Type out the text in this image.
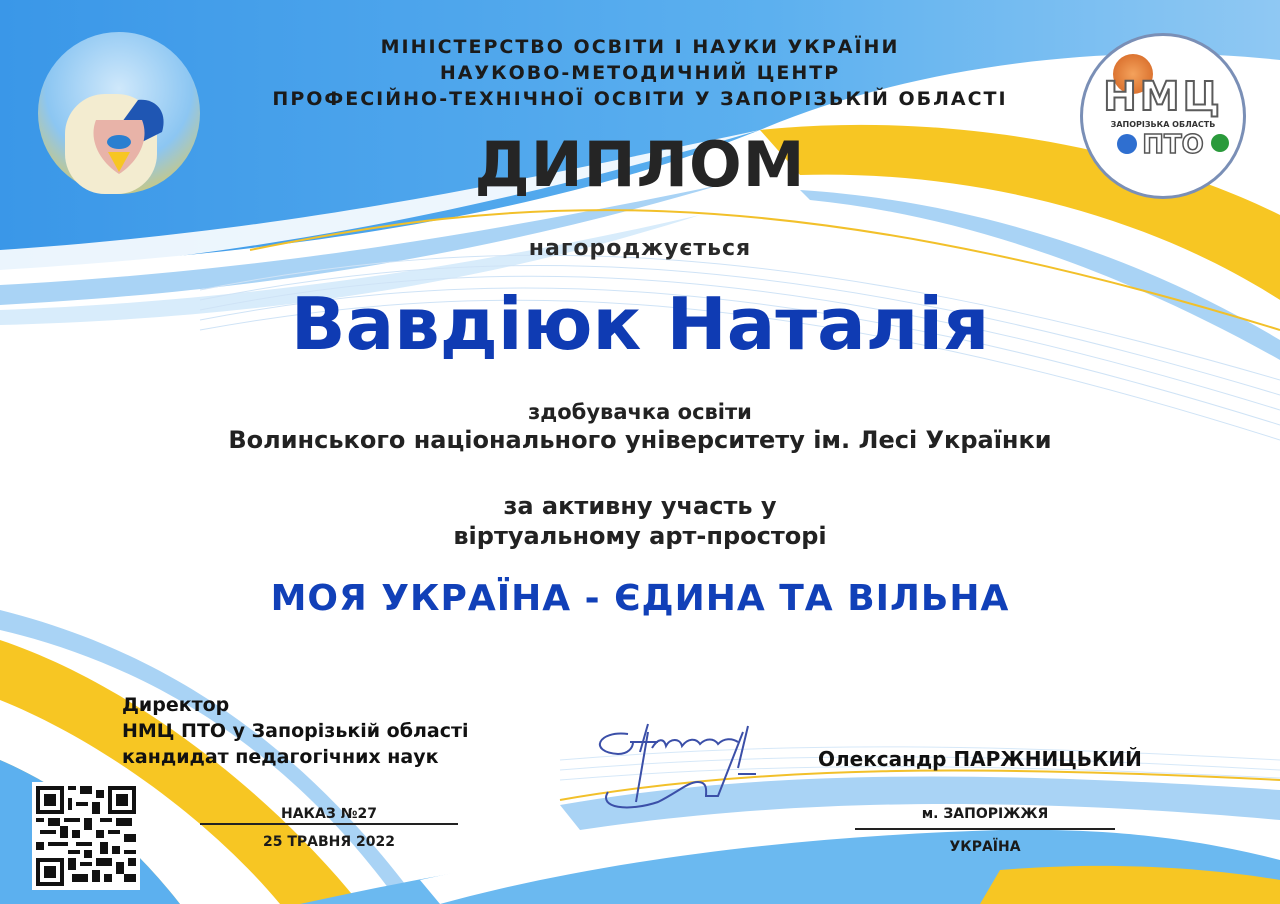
НМЦ
ЗАПОРІЗЬКА ОБЛАСТЬ
ПТО
МІНІСТЕРСТВО ОСВІТИ І НАУКИ УКРАЇНИ
НАУКОВО-МЕТОДИЧНИЙ ЦЕНТР
ПРОФЕСІЙНО-ТЕХНІЧНОЇ ОСВІТИ У ЗАПОРІЗЬКІЙ ОБЛАСТІ
ДИПЛОМ
нагороджується
Вавдіюк Наталія
здобувачка освіти
Волинського національного університету ім. Лесі Українки
за активну участь у
віртуальному арт-просторі
МОЯ УКРАЇНА - ЄДИНА ТА ВІЛЬНА
Директор
НМЦ ПТО у Запорізькій області
кандидат педагогічних наук	Олександр ПАРЖНИЦЬКИЙ
НАКАЗ №27
25 ТРАВНЯ 2022
м. ЗАПОРІЖЖЯ
УКРАЇНА
